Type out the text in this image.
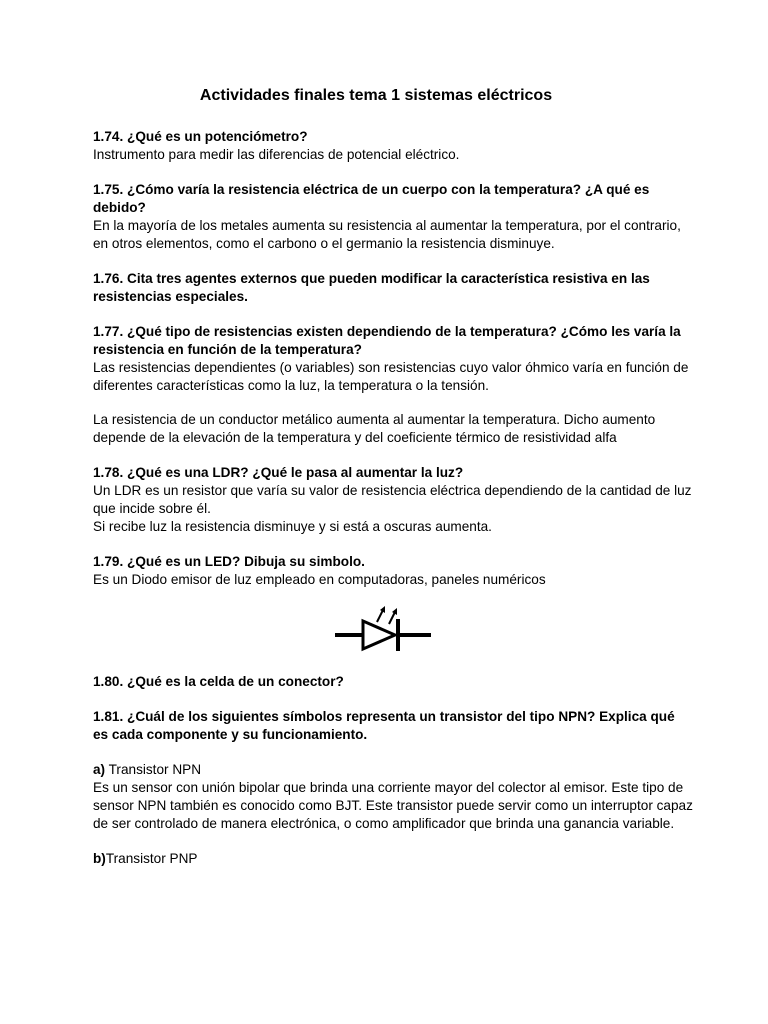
Actividades finales tema 1 sistemas eléctricos

1.74. ¿Qué es un potenciómetro?

Instrumento para medir las diferencias de potencial eléctrico.

1.75. ¿Cómo varía la resistencia eléctrica de un cuerpo con la temperatura? ¿A qué es debido?

En la mayoría de los metales aumenta su resistencia al aumentar la temperatura, por el contrario, en otros elementos, como el carbono o el germanio la resistencia disminuye.

1.76. Cita tres agentes externos que pueden modificar la característica resistiva en las resistencias especiales.

1.77. ¿Qué tipo de resistencias existen dependiendo de la temperatura? ¿Cómo les varía la resistencia en función de la temperatura?

Las resistencias dependientes (o variables) son resistencias cuyo valor óhmico varía en función de diferentes características como la luz, la temperatura o la tensión.

La resistencia de un conductor metálico aumenta al aumentar la temperatura. Dicho aumento depende de la elevación de la temperatura y del coeficiente térmico de resistividad alfa

1.78. ¿Qué es una LDR? ¿Qué le pasa al aumentar la luz?

Un LDR es un resistor que varía su valor de resistencia eléctrica dependiendo de la cantidad de luz que incide sobre él.

Si recibe luz la resistencia disminuye y si está a oscuras aumenta.

1.79. ¿Qué es un LED? Dibuja su simbolo.

Es un Diodo emisor de luz empleado en computadoras, paneles numéricos

1.80. ¿Qué es la celda de un conector?

1.81. ¿Cuál de los siguientes símbolos representa un transistor del tipo NPN? Explica qué es cada componente y su funcionamiento.

a) Transistor NPN

Es un sensor con unión bipolar que brinda una corriente mayor del colector al emisor. Este tipo de sensor NPN también es conocido como BJT. Este transistor puede servir como un interruptor capaz de ser controlado de manera electrónica, o como amplificador que brinda una ganancia variable.

b)Transistor PNP
